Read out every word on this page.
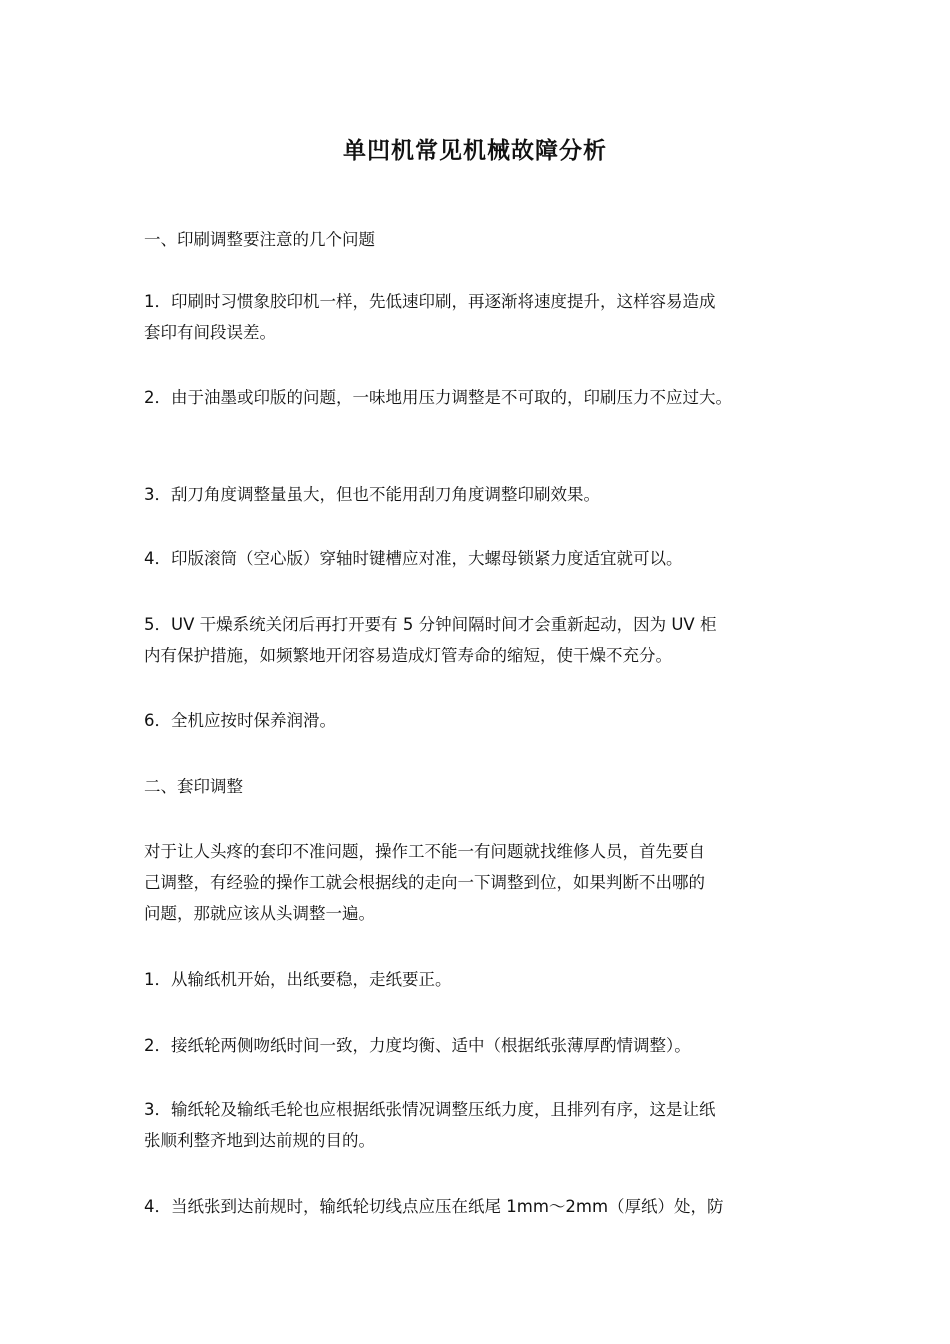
单凹机常见机械故障分析

一、印刷调整要注意的几个问题

1．印刷时习惯象胶印机一样，先低速印刷，再逐渐将速度提升，这样容易造成
套印有间段误差。

2．由于油墨或印版的问题，一味地用压力调整是不可取的，印刷压力不应过大。

3．刮刀角度调整量虽大，但也不能用刮刀角度调整印刷效果。

4．印版滚筒（空心版）穿轴时键槽应对准，大螺母锁紧力度适宜就可以。

5．UV 干燥系统关闭后再打开要有 5 分钟间隔时间才会重新起动，因为 UV 柜
内有保护措施，如频繁地开闭容易造成灯管寿命的缩短，使干燥不充分。

6．全机应按时保养润滑。

二、套印调整

对于让人头疼的套印不准问题，操作工不能一有问题就找维修人员，首先要自
己调整，有经验的操作工就会根据线的走向一下调整到位，如果判断不出哪的
问题，那就应该从头调整一遍。

1．从输纸机开始，出纸要稳，走纸要正。

2．接纸轮两侧吻纸时间一致，力度均衡、适中（根据纸张薄厚酌情调整）。

3．输纸轮及输纸毛轮也应根据纸张情况调整压纸力度，且排列有序，这是让纸
张顺利整齐地到达前规的目的。

4．当纸张到达前规时，输纸轮切线点应压在纸尾 1mm～2mm（厚纸）处，防
